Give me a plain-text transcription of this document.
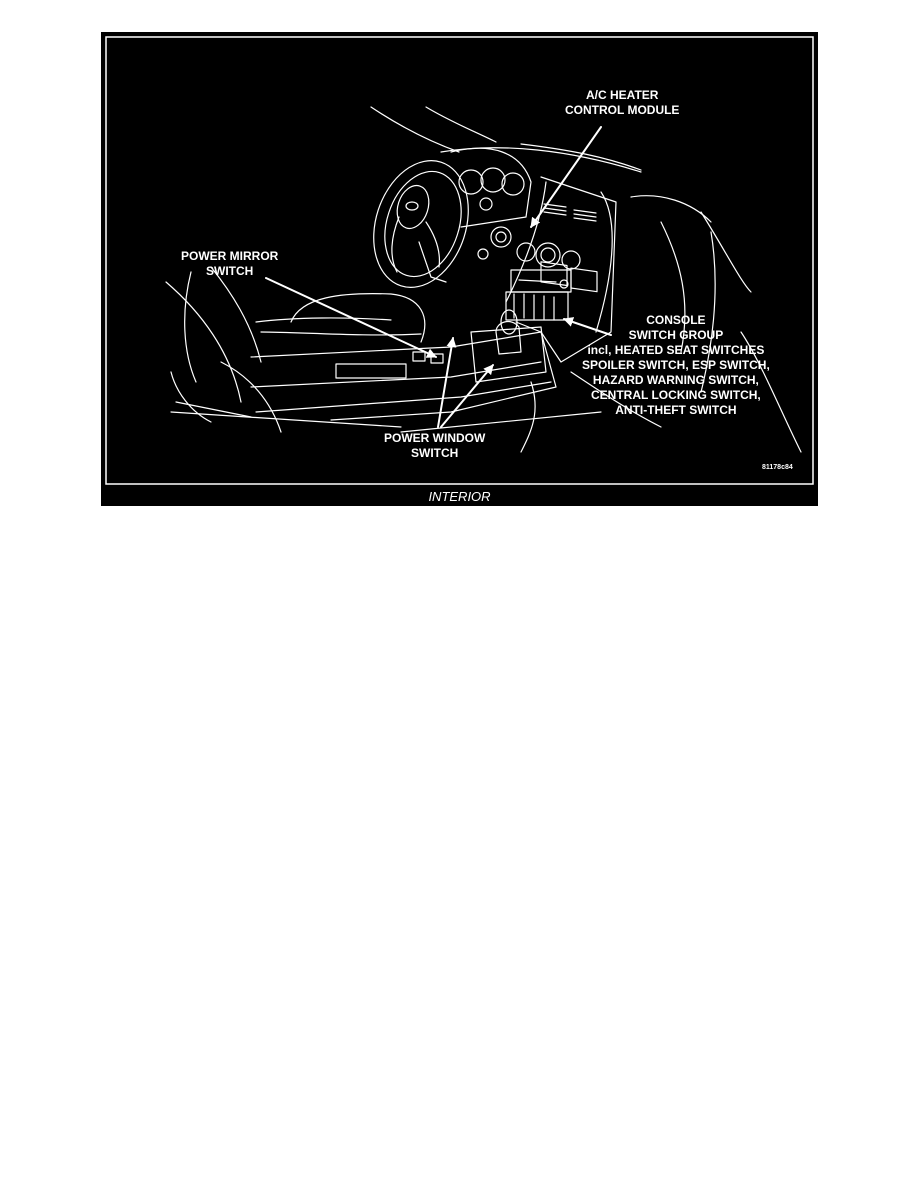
A/C HEATER
CONTROL MODULE
POWER MIRROR
SWITCH
CONSOLE
SWITCH GROUP
incl, HEATED SEAT SWITCHES
SPOILER SWITCH, ESP SWITCH,
HAZARD WARNING SWITCH,
CENTRAL LOCKING SWITCH,
ANTI-THEFT SWITCH
POWER WINDOW
SWITCH
81178c84
INTERIOR
